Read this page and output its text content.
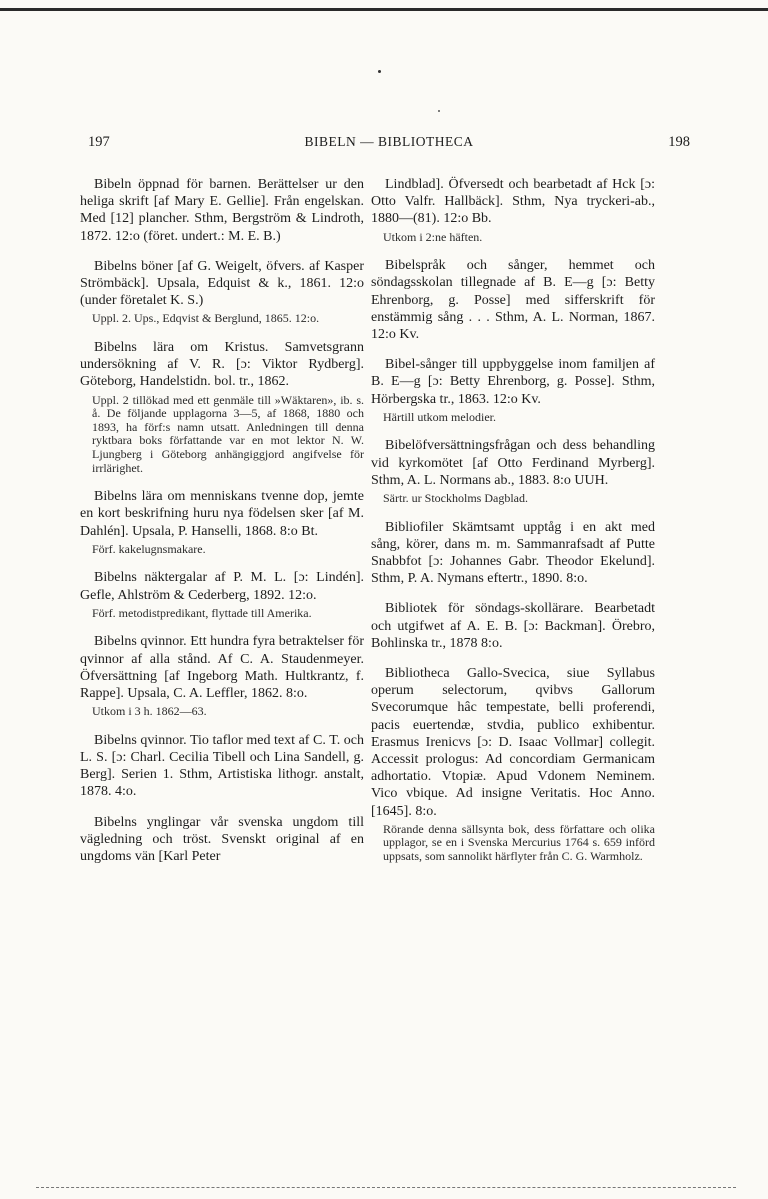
197	BIBELN — BIBLIOTHECA	198

Bibeln öppnad för barnen. Berättelser ur den heliga skrift [af Mary E. Gellie]. Från engelskan. Med [12] plancher. Sthm, Bergström & Lindroth, 1872. 12:o (föret. undert.: M. E. B.)

Bibelns böner [af G. Weigelt, öfvers. af Kasper Strömbäck]. Upsala, Edquist & k., 1861. 12:o (under företalet K. S.)

Uppl. 2. Ups., Edqvist & Berglund, 1865. 12:o.

Bibelns lära om Kristus. Samvetsgrann undersökning af V. R. [ɔ: Viktor Rydberg]. Göteborg, Handelstidn. bol. tr., 1862.

Uppl. 2 tillökad med ett genmäle till »Wäktaren», ib. s. å. De följande upplagorna 3—5, af 1868, 1880 och 1893, ha förf:s namn utsatt. Anledningen till denna ryktbara boks författande var en mot lektor N. W. Ljungberg i Göteborg anhängiggjord angifvelse för irrlärighet.

Bibelns lära om menniskans tvenne dop, jemte en kort beskrifning huru nya födelsen sker [af M. Dahlén]. Upsala, P. Hanselli, 1868. 8:o Bt.

Förf. kakelugnsmakare.

Bibelns näktergalar af P. M. L. [ɔ: Lindén]. Gefle, Ahlström & Cederberg, 1892. 12:o.

Förf. metodistpredikant, flyttade till Amerika.

Bibelns qvinnor. Ett hundra fyra betraktelser för qvinnor af alla stånd. Af C. A. Staudenmeyer. Öfversättning [af Ingeborg Math. Hultkrantz, f. Rappe]. Upsala, C. A. Leffler, 1862. 8:o.

Utkom i 3 h. 1862—63.

Bibelns qvinnor. Tio taflor med text af C. T. och L. S. [ɔ: Charl. Cecilia Tibell och Lina Sandell, g. Berg]. Serien 1. Sthm, Artistiska lithogr. anstalt, 1878. 4:o.

Bibelns ynglingar vår svenska ungdom till vägledning och tröst. Svenskt original af en ungdoms vän [Karl Peter

Lindblad]. Öfversedt och bearbetadt af Hck [ɔ: Otto Valfr. Hallbäck]. Sthm, Nya tryckeri-ab., 1880—(81). 12:o Bb.

Utkom i 2:ne häften.

Bibelspråk och sånger, hemmet och söndagsskolan tillegnade af B. E—g [ɔ: Betty Ehrenborg, g. Posse] med sifferskrift för enstämmig sång . . . Sthm, A. L. Norman, 1867. 12:o Kv.

Bibel-sånger till uppbyggelse inom familjen af B. E—g [ɔ: Betty Ehrenborg, g. Posse]. Sthm, Hörbergska tr., 1863. 12:o Kv.

Härtill utkom melodier.

Bibelöfversättningsfrågan och dess behandling vid kyrkomötet [af Otto Ferdinand Myrberg]. Sthm, A. L. Normans ab., 1883. 8:o UUH.

Särtr. ur Stockholms Dagblad.

Bibliofiler Skämtsamt upptåg i en akt med sång, körer, dans m. m. Sammanrafsadt af Putte Snabbfot [ɔ: Johannes Gabr. Theodor Ekelund]. Sthm, P. A. Nymans eftertr., 1890. 8:o.

Bibliotek för söndags-skollärare. Bearbetadt och utgifwet af A. E. B. [ɔ: Backman]. Örebro, Bohlinska tr., 1878 8:o.

Bibliotheca Gallo-Svecica, siue Syllabus operum selectorum, qvibvs Gallorum Svecorumque hâc tempestate, belli proferendi, pacis euertendæ, stvdia, publico exhibentur. Erasmus Irenicvs [ɔ: D. Isaac Vollmar] collegit. Accessit prologus: Ad concordiam Germanicam adhortatio. Vtopiæ. Apud Vdonem Neminem. Vico vbique. Ad insigne Veritatis. Hoc Anno. [1645]. 8:o.

Rörande denna sällsynta bok, dess författare och olika upplagor, se en i Svenska Mercurius 1764 s. 659 införd uppsats, som sannolikt härflyter från C. G. Warmholz.
